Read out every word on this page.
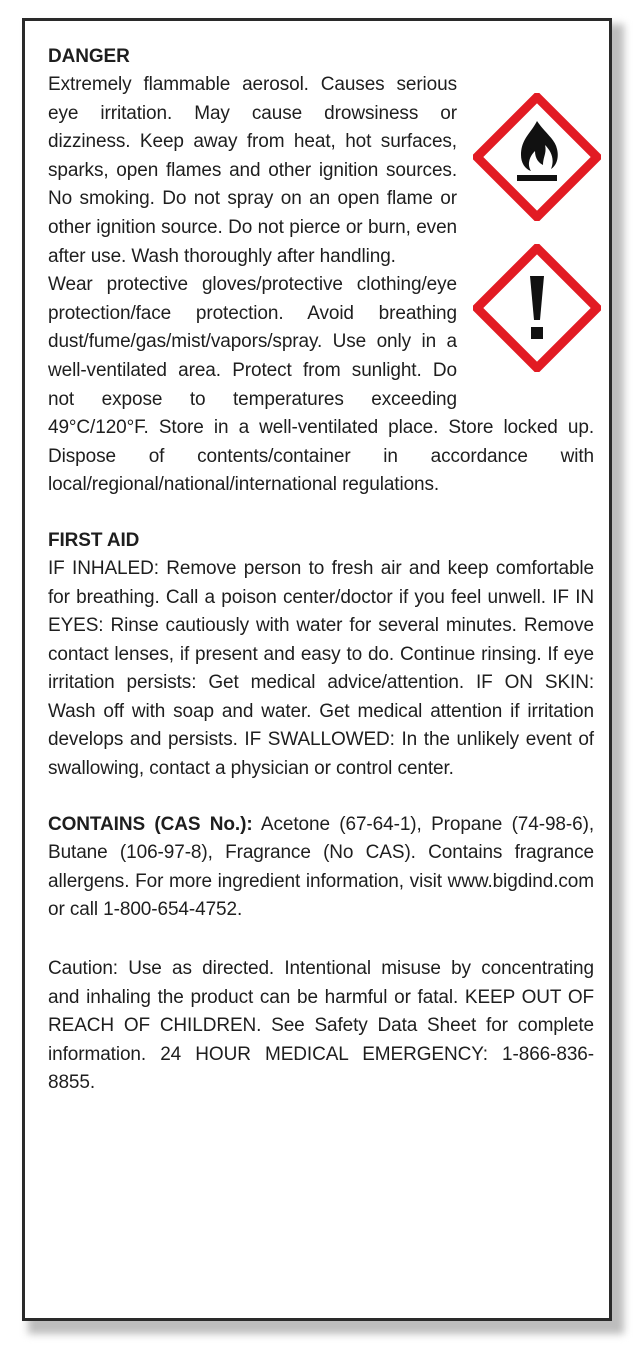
DANGER

Extremely flammable aerosol. Causes serious eye irritation. May cause drowsiness or dizziness. Keep away from heat, hot surfaces, sparks, open flames and other ignition sources. No smoking. Do not spray on an open flame or other ignition source. Do not pierce or burn, even after use. Wash thoroughly after handling.

Wear protective gloves/protective clothing/eye protection/face protection. Avoid breathing dust/fume/gas/mist/vapors/spray. Use only in a well-ventilated area. Protect from sunlight. Do not expose to temperatures exceeding 49°C/120°F. Store in a well-ventilated place. Store locked up. Dispose of contents/container in accordance with local/regional/national/international regulations.

FIRST AID

IF INHALED: Remove person to fresh air and keep comfortable for breathing. Call a poison center/doctor if you feel unwell. IF IN EYES: Rinse cautiously with water for several minutes. Remove contact lenses, if present and easy to do. Continue rinsing. If eye irritation persists: Get medical advice/attention. IF ON SKIN: Wash off with soap and water. Get medical attention if irritation develops and persists. IF SWALLOWED: In the unlikely event of swallowing, contact a physician or control center.

CONTAINS (CAS No.): Acetone (67-64-1), Propane (74-98-6), Butane (106-97-8), Fragrance (No CAS). Contains fragrance allergens. For more ingredient information, visit www.bigdind.com or call 1-800-654-4752.

Caution: Use as directed. Intentional misuse by concentrating and inhaling the product can be harmful or fatal. KEEP OUT OF REACH OF CHILDREN. See Safety Data Sheet for complete information. 24 HOUR MEDICAL EMERGENCY: 1-866-836-8855.
